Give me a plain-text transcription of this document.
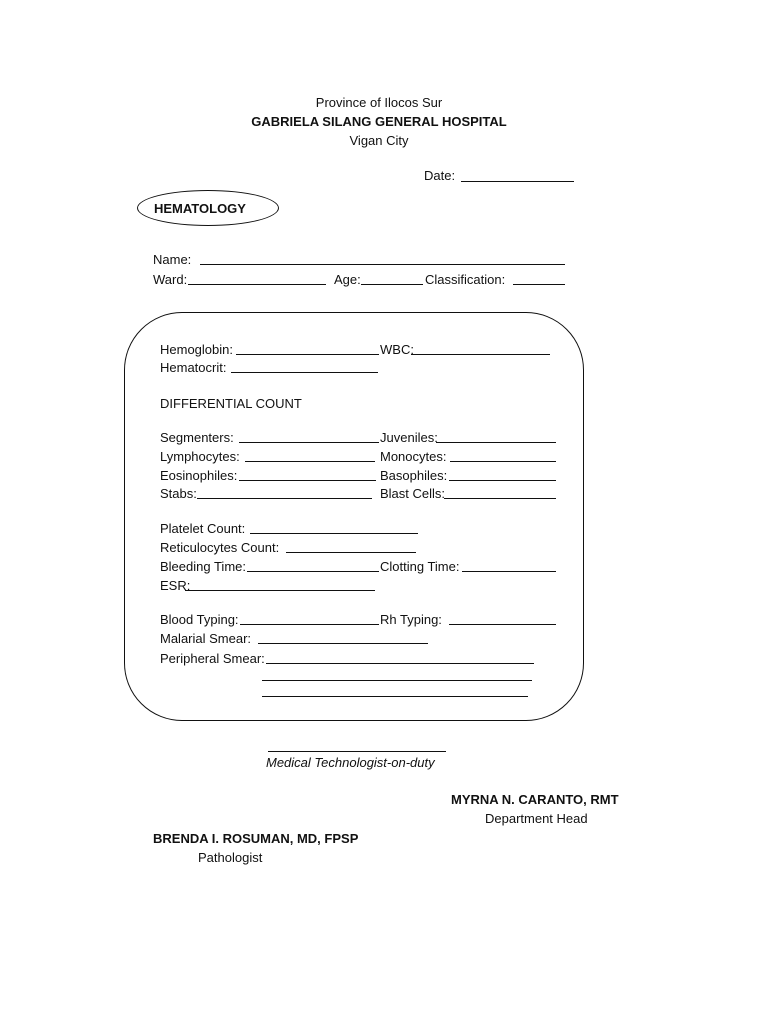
Province of Ilocos Sur
GABRIELA SILANG GENERAL HOSPITAL
Vigan City
Date:
HEMATOLOGY
Name:
Ward:	Age:	Classification:
Hemoglobin:	WBC:
Hematocrit:
DIFFERENTIAL COUNT
Segmenters:	Juveniles:
Lymphocytes:	Monocytes:
Eosinophiles:	Basophiles:
Stabs:	Blast Cells:
Platelet Count:
Reticulocytes Count:
Bleeding Time:	Clotting Time:
ESR:
Blood Typing:	Rh Typing:
Malarial Smear:
Peripheral Smear:
Medical Technologist-on-duty
MYRNA N. CARANTO, RMT
Department Head
BRENDA I. ROSUMAN, MD, FPSP
Pathologist
